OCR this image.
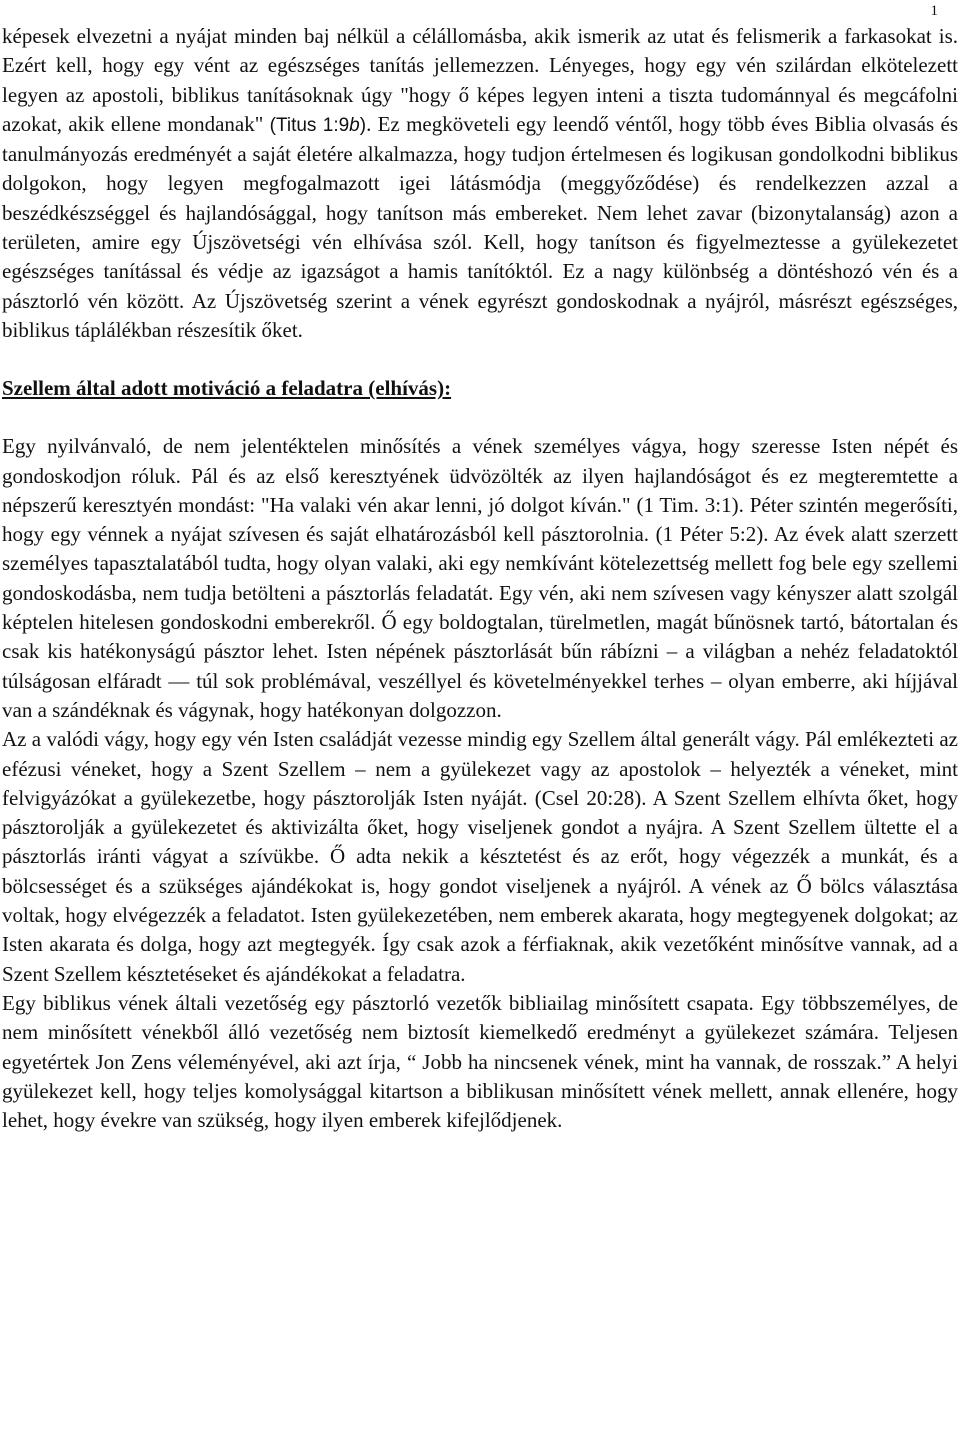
1

képesek elvezetni a nyájat minden baj nélkül a célállomásba, akik ismerik az utat és felismerik a farkasokat is. Ezért kell, hogy egy vént az egészséges tanítás jellemezzen. Lényeges, hogy egy vén szilárdan elkötelezett legyen az apostoli, biblikus tanításoknak úgy "hogy ő képes legyen inteni a tiszta tudománnyal és megcáfolni azokat, akik ellene mondanak" (Titus 1:9b). Ez megköveteli egy leendő véntől, hogy több éves Biblia olvasás és tanulmányozás eredményét a saját életére alkalmazza, hogy tudjon értelmesen és logikusan gondolkodni biblikus dolgokon, hogy legyen megfogalmazott igei látásmódja (meggyőződése) és rendelkezzen azzal a beszédkészséggel és hajlandósággal, hogy tanítson más embereket. Nem lehet zavar (bizonytalanság) azon a területen, amire egy Újszövetségi vén elhívása szól. Kell, hogy tanítson és figyelmeztesse a gyülekezetet egészséges tanítással és védje az igazságot a hamis tanítóktól. Ez a nagy különbség a döntéshozó vén és a pásztorló vén között. Az Újszövetség szerint a vének egyrészt gondoskodnak a nyájról, másrészt egészséges, biblikus táplálékban részesítik őket.

Szellem által adott motiváció a feladatra (elhívás):

Egy nyilvánvaló, de nem jelentéktelen minősítés a vének személyes vágya, hogy szeresse Isten népét és gondoskodjon róluk. Pál és az első keresztyének üdvözölték az ilyen hajlandóságot és ez megteremtette a népszerű keresztyén mondást: "Ha valaki vén akar lenni, jó dolgot kíván." (1 Tim. 3:1). Péter szintén megerősíti, hogy egy vénnek a nyájat szívesen és saját elhatározásból kell pásztorolnia. (1 Péter 5:2). Az évek alatt szerzett személyes tapasztalatából tudta, hogy olyan valaki, aki egy nemkívánt kötelezettség mellett fog bele egy szellemi gondoskodásba, nem tudja betölteni a pásztorlás feladatát. Egy vén, aki nem szívesen vagy kényszer alatt szolgál képtelen hitelesen gondoskodni emberekről. Ő egy boldogtalan, türelmetlen, magát bűnösnek tartó, bátortalan és csak kis hatékonyságú pásztor lehet. Isten népének pásztorlását bűn rábízni – a világban a nehéz feladatoktól túlságosan elfáradt — túl sok problémával, veszéllyel és követelményekkel terhes – olyan emberre, aki híjjával van a szándéknak és vágynak, hogy hatékonyan dolgozzon.

Az a valódi vágy, hogy egy vén Isten családját vezesse mindig egy Szellem által generált vágy. Pál emlékezteti az efézusi véneket, hogy a Szent Szellem – nem a gyülekezet vagy az apostolok – helyezték a véneket, mint felvigyázókat a gyülekezetbe, hogy pásztorolják Isten nyáját. (Csel 20:28). A Szent Szellem elhívta őket, hogy pásztorolják a gyülekezetet és aktivizálta őket, hogy viseljenek gondot a nyájra. A Szent Szellem ültette el a pásztorlás iránti vágyat a szívükbe. Ő adta nekik a késztetést és az erőt, hogy végezzék a munkát, és a bölcsességet és a szükséges ajándékokat is, hogy gondot viseljenek a nyájról. A vének az Ő bölcs választása voltak, hogy elvégezzék a feladatot. Isten gyülekezetében, nem emberek akarata, hogy megtegyenek dolgokat; az Isten akarata és dolga, hogy azt megtegyék. Így csak azok a férfiaknak, akik vezetőként minősítve vannak, ad a Szent Szellem késztetéseket és ajándékokat a feladatra.

Egy biblikus vének általi vezetőség egy pásztorló vezetők bibliailag minősített csapata. Egy többszemélyes, de nem minősített vénekből álló vezetőség nem biztosít kiemelkedő eredményt a gyülekezet számára. Teljesen egyetértek Jon Zens véleményével, aki azt írja, “ Jobb ha nincsenek vének, mint ha vannak, de rosszak.” A helyi gyülekezet kell, hogy teljes komolysággal kitartson a biblikusan minősített vének mellett, annak ellenére, hogy lehet, hogy évekre van szükség, hogy ilyen emberek kifejlődjenek.
